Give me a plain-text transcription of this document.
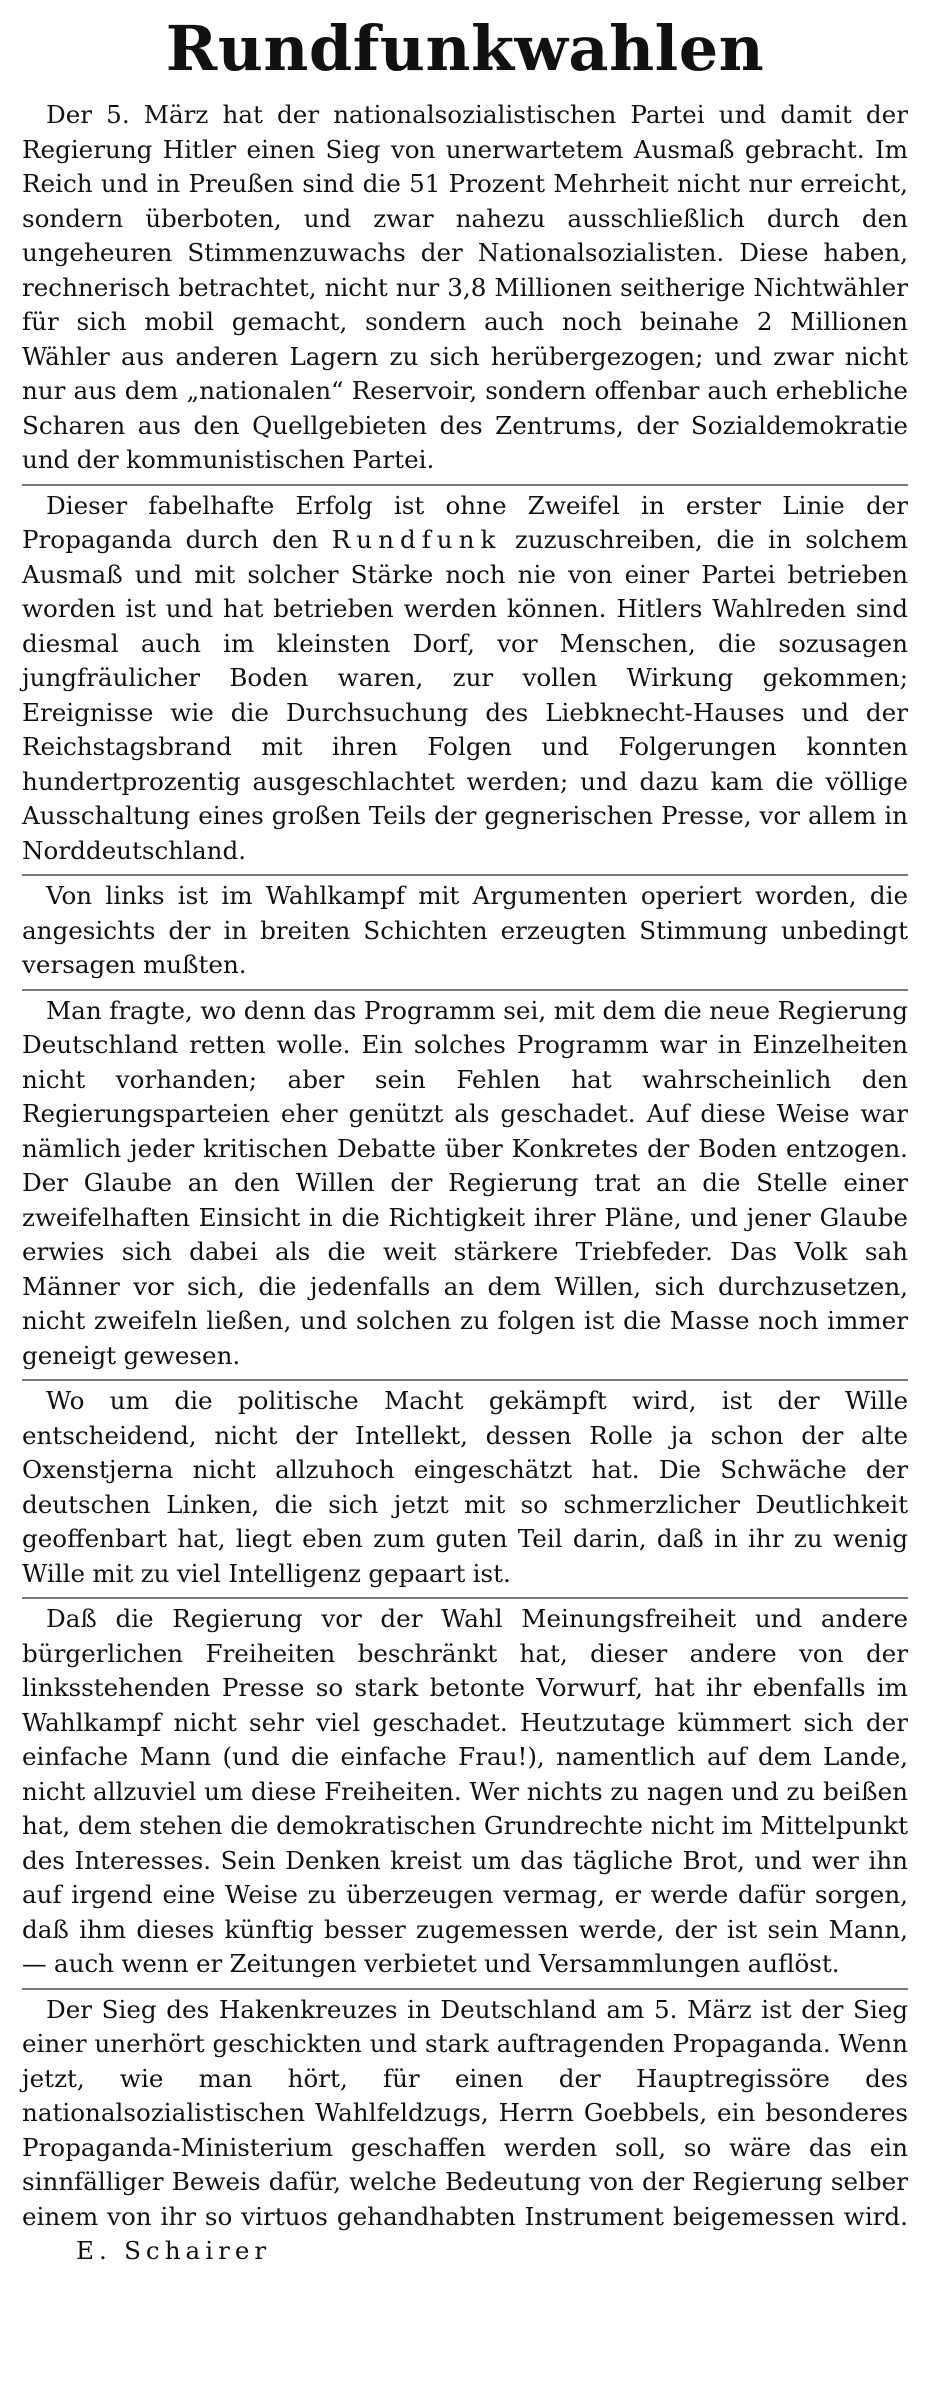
Rundfunkwahlen

Der 5. März hat der nationalsozialistischen Partei und damit der Regierung Hitler einen Sieg von unerwartetem Ausmaß gebracht. Im Reich und in Preußen sind die 51 Prozent Mehrheit nicht nur erreicht, sondern überboten, und zwar nahezu ausschließlich durch den ungeheuren Stimmenzuwachs der Nationalsozialisten. Diese haben, rechnerisch betrachtet, nicht nur 3,8 Millionen seitherige Nichtwähler für sich mobil gemacht, sondern auch noch beinahe 2 Millionen Wähler aus anderen Lagern zu sich herübergezogen; und zwar nicht nur aus dem „nationalen“ Reservoir, sondern offenbar auch erhebliche Scharen aus den Quellgebieten des Zentrums, der Sozialdemokratie und der kommunistischen Partei.

Dieser fabelhafte Erfolg ist ohne Zweifel in erster Linie der Propaganda durch den Rundfunk zuzuschreiben, die in solchem Ausmaß und mit solcher Stärke noch nie von einer Partei betrieben worden ist und hat betrieben werden können. Hitlers Wahlreden sind diesmal auch im kleinsten Dorf, vor Menschen, die sozusagen jungfräulicher Boden waren, zur vollen Wirkung gekommen; Ereignisse wie die Durchsuchung des Liebknecht-Hauses und der Reichstagsbrand mit ihren Folgen und Folgerungen konnten hundertprozentig ausgeschlachtet werden; und dazu kam die völlige Ausschaltung eines großen Teils der gegnerischen Presse, vor allem in Norddeutschland.

Von links ist im Wahlkampf mit Argumenten operiert worden, die angesichts der in breiten Schichten erzeugten Stimmung unbedingt versagen mußten.

Man fragte, wo denn das Programm sei, mit dem die neue Regierung Deutschland retten wolle. Ein solches Programm war in Einzelheiten nicht vorhanden; aber sein Fehlen hat wahrscheinlich den Regierungsparteien eher genützt als geschadet. Auf diese Weise war nämlich jeder kritischen Debatte über Konkretes der Boden entzogen. Der Glaube an den Willen der Regierung trat an die Stelle einer zweifelhaften Einsicht in die Richtigkeit ihrer Pläne, und jener Glaube erwies sich dabei als die weit stärkere Triebfeder. Das Volk sah Männer vor sich, die jedenfalls an dem Willen, sich durchzusetzen, nicht zweifeln ließen, und solchen zu folgen ist die Masse noch immer geneigt gewesen.

Wo um die politische Macht gekämpft wird, ist der Wille entscheidend, nicht der Intellekt, dessen Rolle ja schon der alte Oxenstjerna nicht allzuhoch eingeschätzt hat. Die Schwäche der deutschen Linken, die sich jetzt mit so schmerzlicher Deutlichkeit geoffenbart hat, liegt eben zum guten Teil darin, daß in ihr zu wenig Wille mit zu viel Intelligenz gepaart ist.

Daß die Regierung vor der Wahl Meinungsfreiheit und andere bürgerlichen Freiheiten beschränkt hat, dieser andere von der linksstehenden Presse so stark betonte Vorwurf, hat ihr ebenfalls im Wahlkampf nicht sehr viel geschadet. Heutzutage kümmert sich der einfache Mann (und die einfache Frau!), namentlich auf dem Lande, nicht allzuviel um diese Freiheiten. Wer nichts zu nagen und zu beißen hat, dem stehen die demokratischen Grundrechte nicht im Mittelpunkt des Interesses. Sein Denken kreist um das tägliche Brot, und wer ihn auf irgend eine Weise zu überzeugen vermag, er werde dafür sorgen, daß ihm dieses künftig besser zugemessen werde, der ist sein Mann, — auch wenn er Zeitungen verbietet und Versammlungen auflöst.

Der Sieg des Hakenkreuzes in Deutschland am 5. März ist der Sieg einer unerhört geschickten und stark auftragenden Propaganda. Wenn jetzt, wie man hört, für einen der Hauptregissöre des nationalsozialistischen Wahlfeldzugs, Herrn Goebbels, ein besonderes Propaganda-Ministerium geschaffen werden soll, so wäre das ein sinnfälliger Beweis dafür, welche Bedeutung von der Regierung selber einem von ihr so virtuos gehandhabten Instrument beigemessen wird.E. Schairer
